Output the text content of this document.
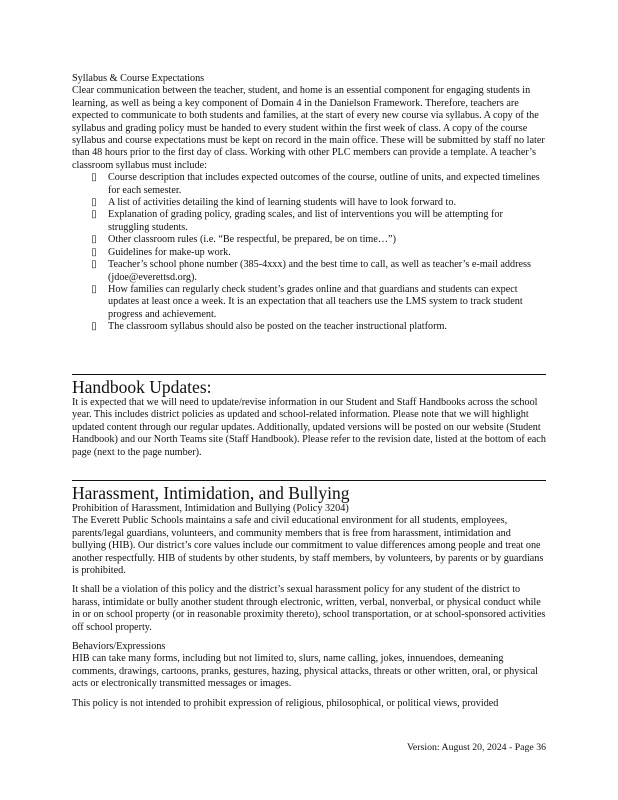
Syllabus & Course Expectations

Clear communication between the teacher, student, and home is an essential component for engaging students in learning, as well as being a key component of Domain 4 in the Danielson Framework. Therefore, teachers are expected to communicate to both students and families, at the start of every new course via syllabus. A copy of the syllabus and grading policy must be handed to every student within the first week of class. A copy of the course syllabus and course expectations must be kept on record in the main office. These will be submitted by staff no later than 48 hours prior to the first day of class. Working with other PLC members can provide a template. A teacher’s classroom syllabus must include:

▯ Course description that includes expected outcomes of the course, outline of units, and expected timelines for each semester.
▯ A list of activities detailing the kind of learning students will have to look forward to.
▯ Explanation of grading policy, grading scales, and list of interventions you will be attempting for struggling students.
▯ Other classroom rules (i.e. “Be respectful, be prepared, be on time…”)
▯ Guidelines for make-up work.
▯ Teacher’s school phone number (385-4xxx) and the best time to call, as well as teacher’s e-mail address (jdoe@everettsd.org).
▯ How families can regularly check student’s grades online and that guardians and students can expect updates at least once a week. It is an expectation that all teachers use the LMS system to track student progress and achievement.
▯ The classroom syllabus should also be posted on the teacher instructional platform.
Handbook Updates:

It is expected that we will need to update/revise information in our Student and Staff Handbooks across the school year. This includes district policies as updated and school-related information. Please note that we will highlight updated content through our regular updates. Additionally, updated versions will be posted on our website (Student Handbook) and our North Teams site (Staff Handbook). Please refer to the revision date, listed at the bottom of each page (next to the page number).

Harassment, Intimidation, and Bullying

Prohibition of Harassment, Intimidation and Bullying (Policy 3204)

The Everett Public Schools maintains a safe and civil educational environment for all students, employees, parents/legal guardians, volunteers, and community members that is free from harassment, intimidation and bullying (HIB). Our district’s core values include our commitment to value differences among people and treat one another respectfully. HIB of students by other students, by staff members, by volunteers, by parents or by guardians is prohibited.

It shall be a violation of this policy and the district’s sexual harassment policy for any student of the district to harass, intimidate or bully another student through electronic, written, verbal, nonverbal, or physical conduct while in or on school property (or in reasonable proximity thereto), school transportation, or at school-sponsored activities off school property.

Behaviors/Expressions

HIB can take many forms, including but not limited to, slurs, name calling, jokes, innuendoes, demeaning comments, drawings, cartoons, pranks, gestures, hazing, physical attacks, threats or other written, oral, or physical acts or electronically transmitted messages or images.

This policy is not intended to prohibit expression of religious, philosophical, or political views, provided

Version: August 20, 2024 - Page 36
